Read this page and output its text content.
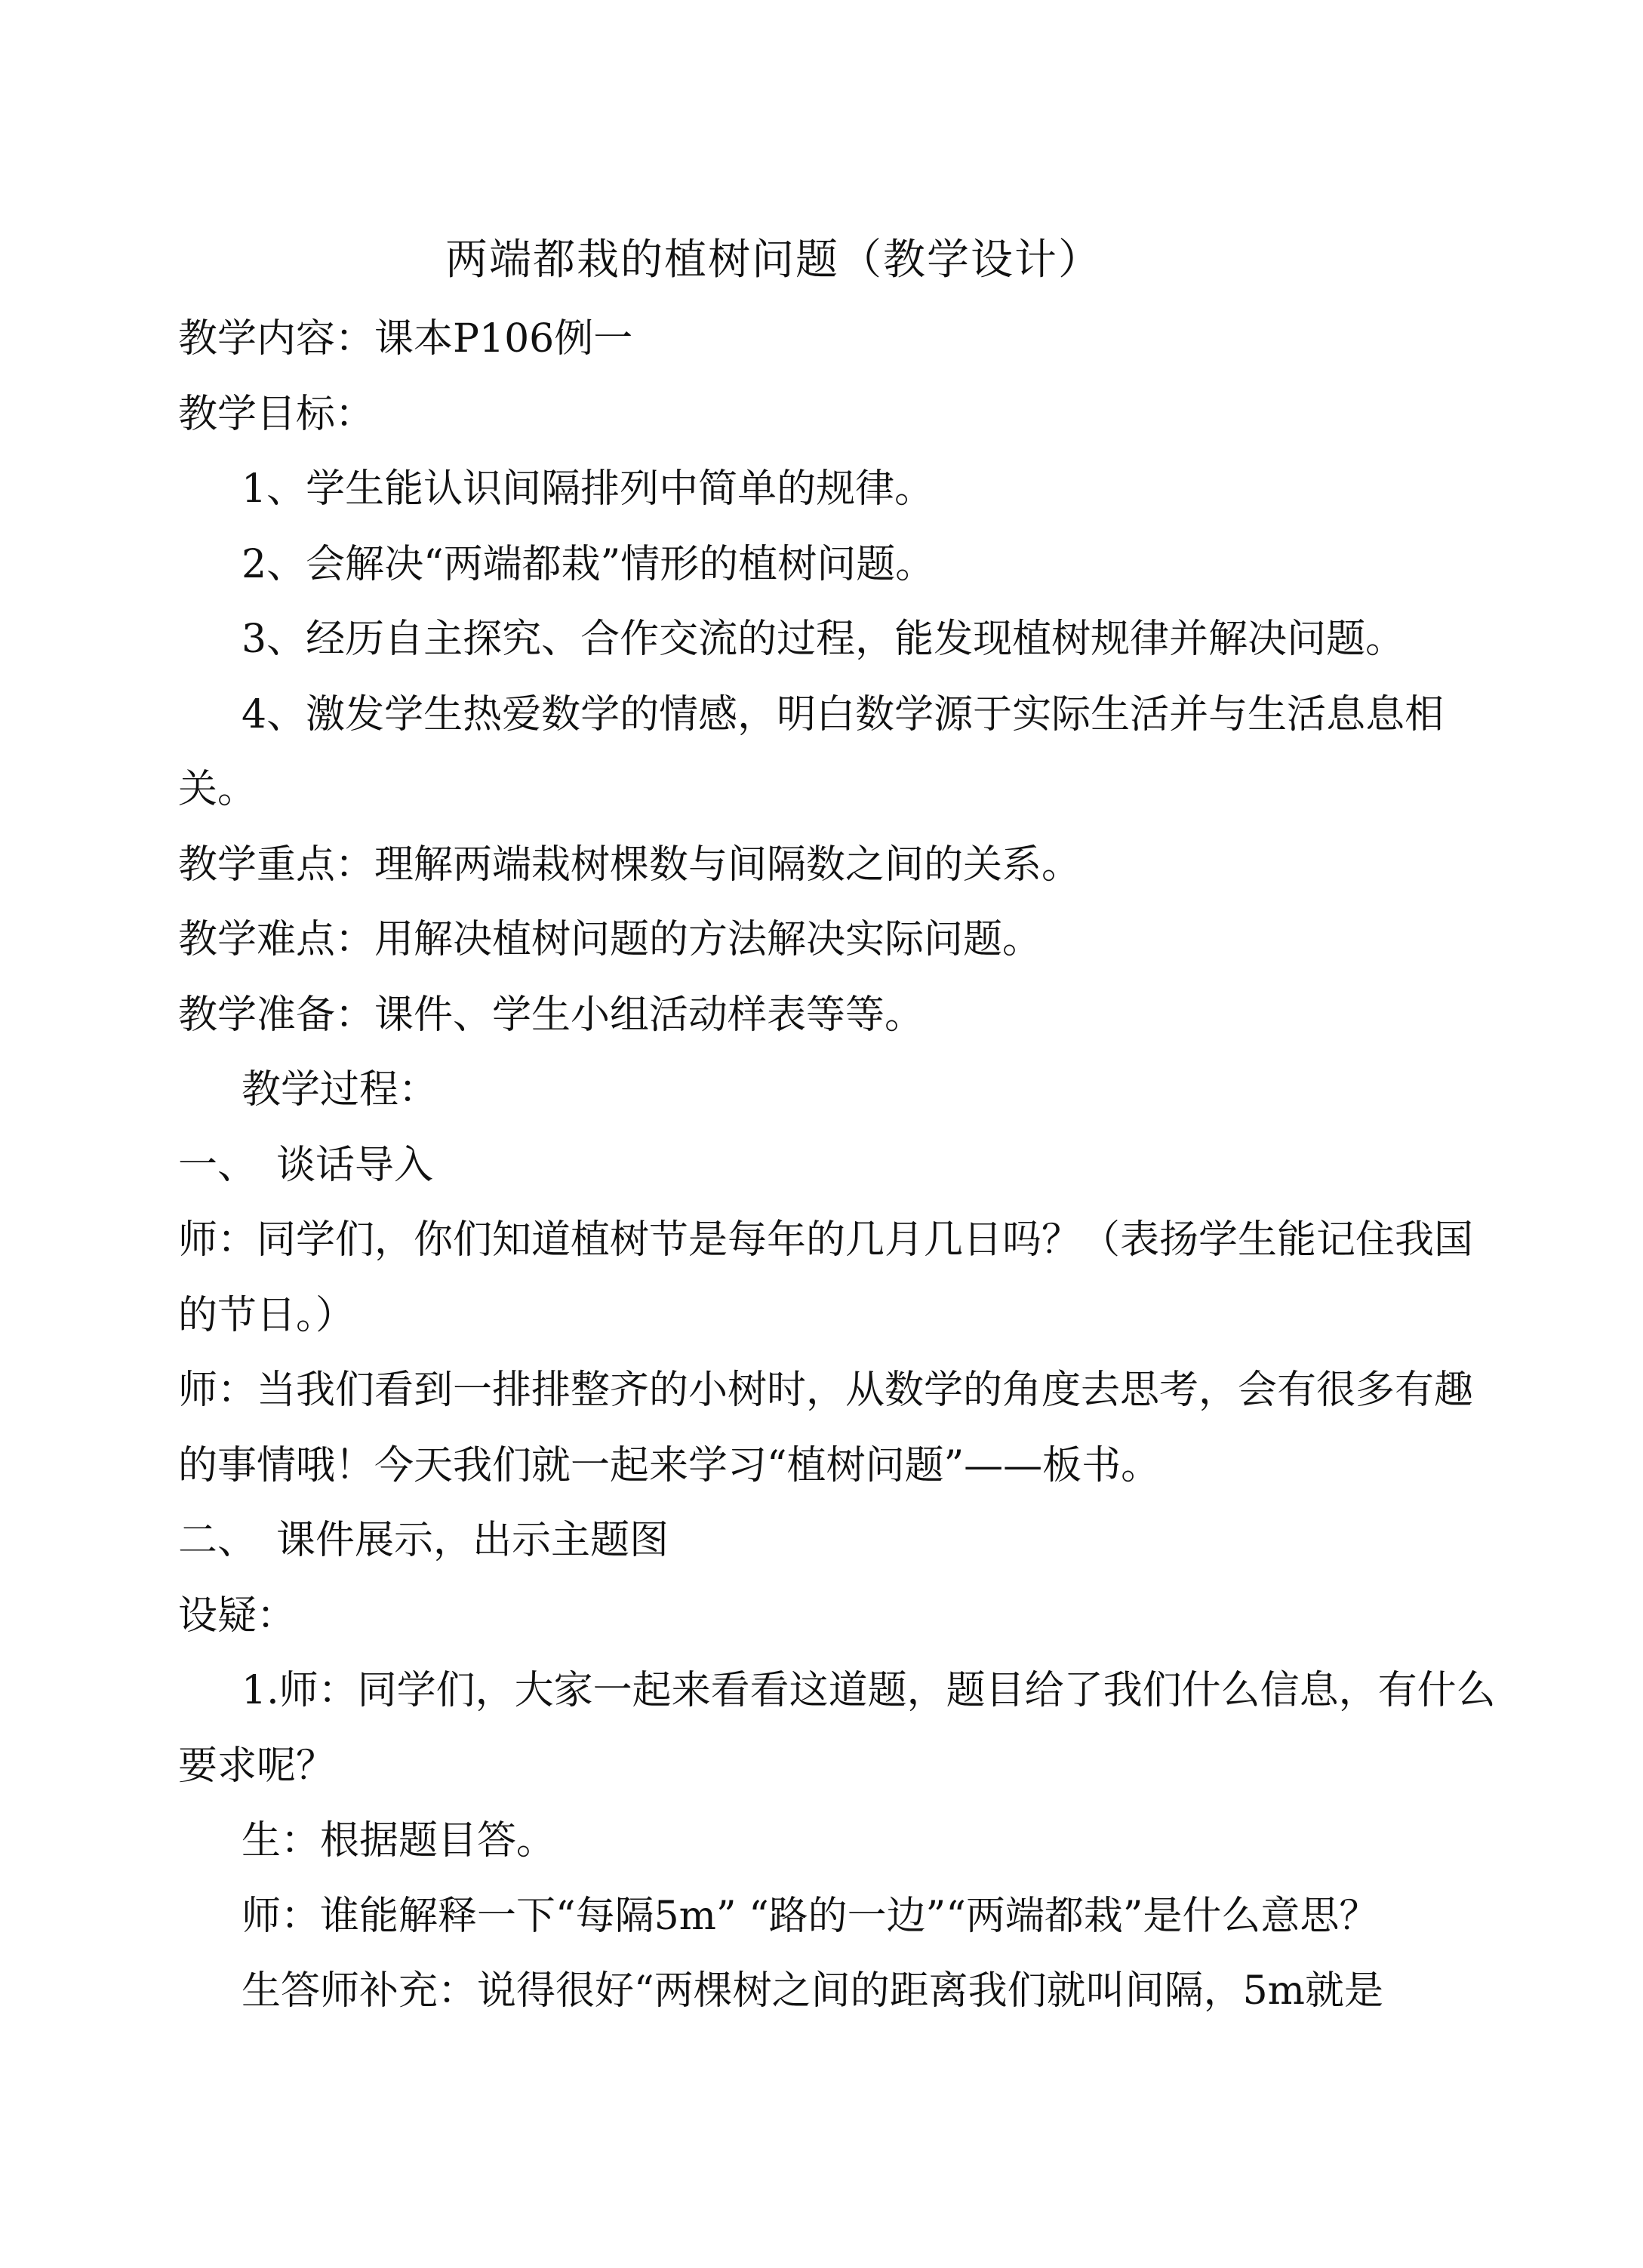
两端都栽的植树问题（教学设计）

教学内容：课本P106例一

教学目标：

1、学生能认识间隔排列中简单的规律。

2、会解决“两端都栽”情形的植树问题。

3、经历自主探究、合作交流的过程，能发现植树规律并解决问题。

4、激发学生热爱数学的情感，明白数学源于实际生活并与生活息息相关。

教学重点：理解两端栽树棵数与间隔数之间的关系。

教学难点：用解决植树问题的方法解决实际问题。

教学准备：课件、学生小组活动样表等等。

教学过程：

一、　谈话导入

师：同学们，你们知道植树节是每年的几月几日吗？（表扬学生能记住我国的节日。）

师：当我们看到一排排整齐的小树时，从数学的角度去思考，会有很多有趣的事情哦！今天我们就一起来学习“植树问题”——板书。

二、　课件展示，出示主题图

设疑：

1.师：同学们，大家一起来看看这道题，题目给了我们什么信息，有什么要求呢？

生：根据题目答。

师：谁能解释一下“每隔5m” “路的一边”“两端都栽”是什么意思？

生答师补充：说得很好“两棵树之间的距离我们就叫间隔，5m就是
